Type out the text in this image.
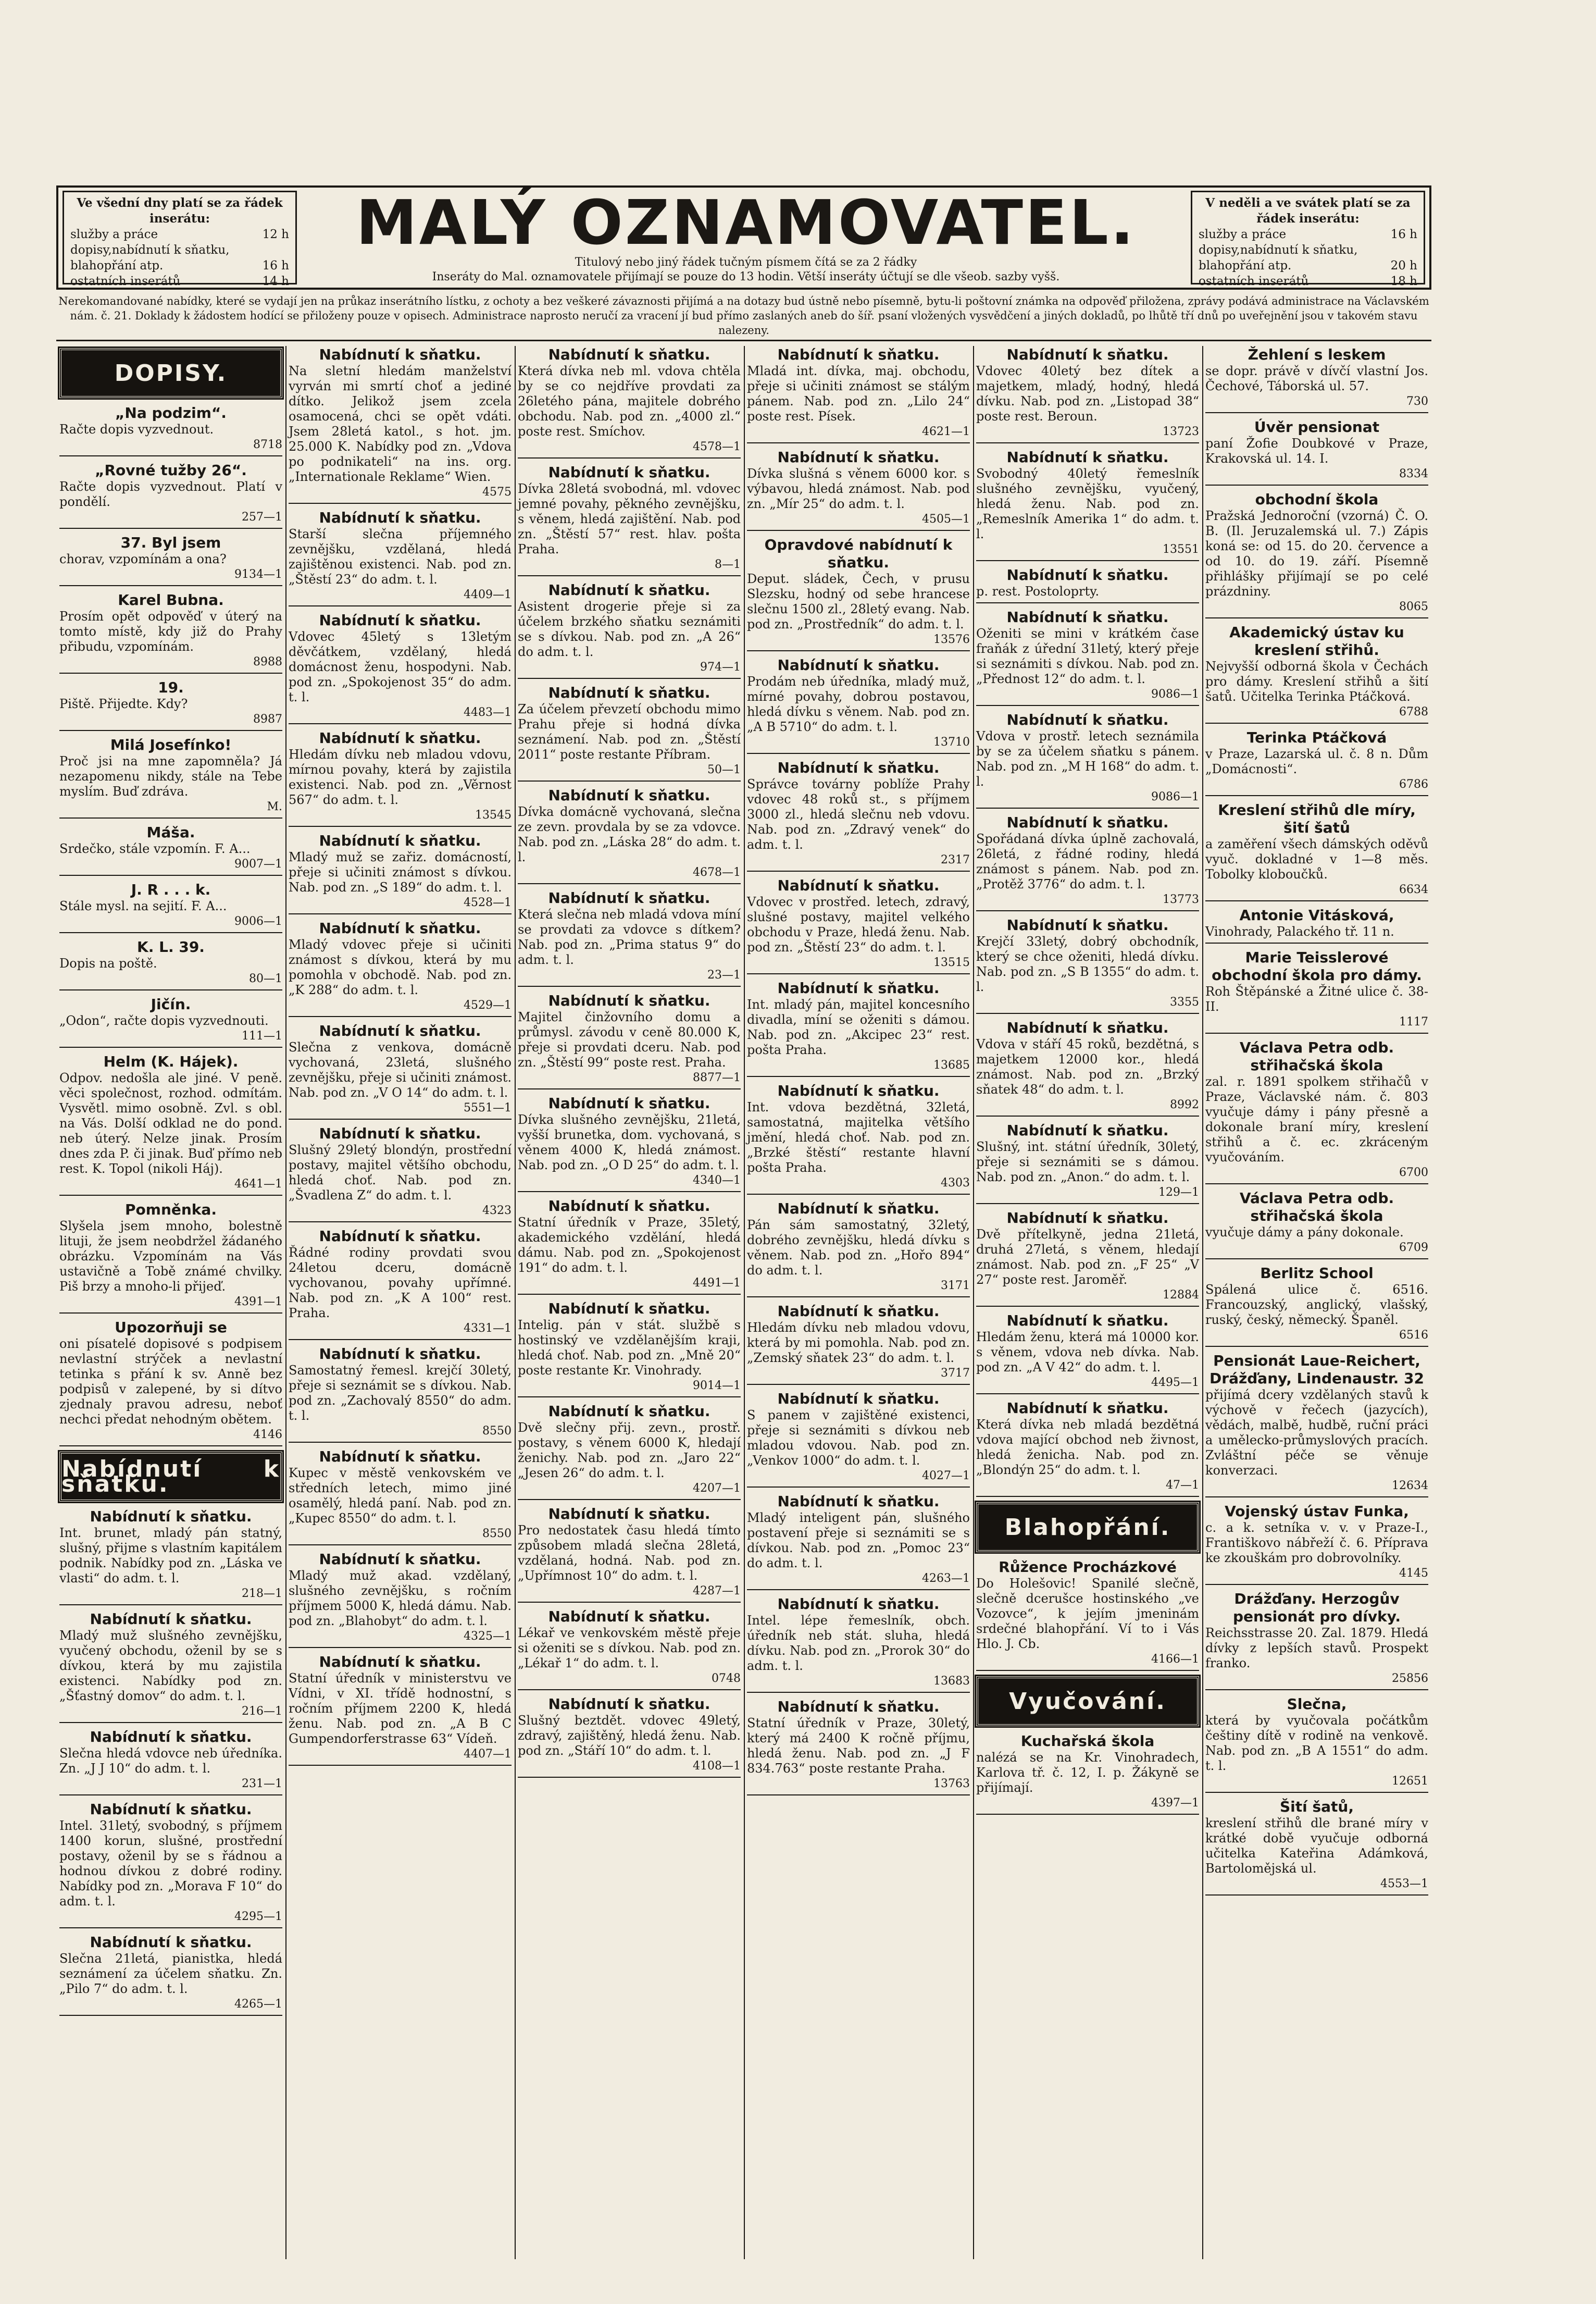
Ve všední dny platí se za řádek inserátu:
služby a práce	12 h
dopisy,nabídnutí k sňatku,
blahopřání atp.	16 h
ostatních inserátů	14 h
MALÝ OZNAMOVATEL.
Titulový nebo jiný řádek tučným písmem čítá se za 2 řádky
Inseráty do Mal. oznamovatele přijímají se pouze do 13 hodin. Větší inseráty účtují se dle všeob. sazby vyšš.
V neděli a ve svátek platí se za řádek inserátu:
služby a práce	16 h
dopisy,nabídnutí k sňatku,
blahopřání atp.	20 h
ostatních inserátů	18 h
Nerekomandované nabídky, které se vydají jen na průkaz inserátního lístku, z ochoty a bez veškeré závaznosti přijímá a na dotazy bud ústně nebo písemně, bytu-li poštovní známka na odpověď přiložena, zprávy podává administrace na Václavském nám. č. 21. Doklady k žádostem hodící se přiloženy pouze v opisech. Administrace naprosto neručí za vracení jí bud přímo zaslaných aneb do šíř. psaní vložených vysvědčení a jiných dokladů, po lhůtě tří dnů po uveřejnění jsou v takovém stavu nalezeny.
DOPISY.
„Na podzim“.
Račte dopis vyzvednout.
8718
„Rovné tužby 26“.
Račte dopis vyzvednout. Platí v pondělí.
257—1
37. Byl jsem
chorav, vzpomínám a ona?
9134—1
Karel Bubna.
Prosím opět odpověď v úterý na tomto místě, kdy již do Prahy přibudu, vzpomínám.
8988
19.
Piště. Přijedte. Kdy?
8987
Milá Josefínko!
Proč jsi na mne zapomněla? Já nezapomenu nikdy, stále na Tebe myslím. Buď zdráva.
M.
Máša.
Srdečko, stále vzpomín. F. A...
9007—1
J. R . . . k.
Stále mysl. na sejití. F. A...
9006—1
K. L. 39.
Dopis na poště.
80—1
Jičín.
„Odon“, račte dopis vyzvednouti.
111—1
Helm (K. Hájek).
Odpov. nedošla ale jiné. V peně. věci společnost, rozhod. odmítám. Vysvětl. mimo osobně. Zvl. s obl. na Vás. Dolší odklad ne do pond. neb úterý. Nelze jinak. Prosím dnes zda P. či jinak. Buď přímo neb rest. K. Topol (nikoli Háj).
4641—1
Pomněnka.
Slyšela jsem mnoho, bolestně lituji, že jsem neobdržel žádaného obrázku. Vzpomínám na Vás ustavičně a Tobě známé chvilky. Piš brzy a mnoho-li přijeď.
4391—1
Upozorňuji se
oni písatelé dopisové s podpisem nevlastní strýček a nevlastní tetinka s přání k sv. Anně bez podpisů v zalepené, by si dítvo zjednaly pravou adresu, neboť nechci předat nehodným obětem.
4146
Nabídnutí k sňatku.
Nabídnutí k sňatku.
Int. brunet, mladý pán statný, slušný, přijme s vlastním kapitálem podnik. Nabídky pod zn. „Láska ve vlasti“ do adm. t. l.
218—1
Nabídnutí k sňatku.
Mladý muž slušného zevnějšku, vyučený obchodu, oženil by se s dívkou, která by mu zajistila existenci. Nabídky pod zn. „Šťastný domov“ do adm. t. l.
216—1
Nabídnutí k sňatku.
Slečna hledá vdovce neb úředníka. Zn. „J J 10“ do adm. t. l.
231—1
Nabídnutí k sňatku.
Intel. 31letý, svobodný, s příjmem 1400 korun, slušné, prostřední postavy, oženil by se s řádnou a hodnou dívkou z dobré rodiny. Nabídky pod zn. „Morava F 10“ do adm. t. l.
4295—1
Nabídnutí k sňatku.
Slečna 21letá, pianistka, hledá seznámení za účelem sňatku. Zn. „Pilo 7“ do adm. t. l.
4265—1
Nabídnutí k sňatku.
Na sletní hledám manželství vyrván mi smrtí choť a jediné dítko. Jelikož jsem zcela osamocená, chci se opět vdáti. Jsem 28letá katol., s hot. jm. 25.000 K. Nabídky pod zn. „Vdova po podnikateli“ na ins. org. „Internationale Reklame“ Wien.
4575
Nabídnutí k sňatku.
Starší slečna příjemného zevnějšku, vzdělaná, hledá zajištěnou existenci. Nab. pod zn. „Štěstí 23“ do adm. t. l.
4409—1
Nabídnutí k sňatku.
Vdovec 45letý s 13letým děvčátkem, vzdělaný, hledá domácnost ženu, hospodyni. Nab. pod zn. „Spokojenost 35“ do adm. t. l.
4483—1
Nabídnutí k sňatku.
Hledám dívku neb mladou vdovu, mírnou povahy, která by zajistila existenci. Nab. pod zn. „Věrnost 567“ do adm. t. l.
13545
Nabídnutí k sňatku.
Mladý muž se zařiz. domácností, přeje si učiniti známost s dívkou. Nab. pod zn. „S 189“ do adm. t. l.
4528—1
Nabídnutí k sňatku.
Mladý vdovec přeje si učiniti známost s dívkou, která by mu pomohla v obchodě. Nab. pod zn. „K 288“ do adm. t. l.
4529—1
Nabídnutí k sňatku.
Slečna z venkova, domácně vychovaná, 23letá, slušného zevnějšku, přeje si učiniti známost. Nab. pod zn. „V O 14“ do adm. t. l.
5551—1
Nabídnutí k sňatku.
Slušný 29letý blondýn, prostřední postavy, majitel většího obchodu, hledá choť. Nab. pod zn. „Švadlena Z“ do adm. t. l.
4323
Nabídnutí k sňatku.
Řádné rodiny provdati svou 24letou dceru, domácně vychovanou, povahy upřímné. Nab. pod zn. „K A 100“ rest. Praha.
4331—1
Nabídnutí k sňatku.
Samostatný řemesl. krejčí 30letý, přeje si seznámit se s dívkou. Nab. pod zn. „Zachovalý 8550“ do adm. t. l.
8550
Nabídnutí k sňatku.
Kupec v městě venkovském ve středních letech, mimo jiné osamělý, hledá paní. Nab. pod zn. „Kupec 8550“ do adm. t. l.
8550
Nabídnutí k sňatku.
Mladý muž akad. vzdělaný, slušného zevnějšku, s ročním příjmem 5000 K, hledá dámu. Nab. pod zn. „Blahobyt“ do adm. t. l.
4325—1
Nabídnutí k sňatku.
Statní úředník v ministerstvu ve Vídni, v XI. třídě hodnostní, s ročním příjmem 2200 K, hledá ženu. Nab. pod zn. „A B C Gumpendorferstrasse 63“ Vídeň.
4407—1
Nabídnutí k sňatku.
Která dívka neb ml. vdova chtěla by se co nejdříve provdati za 26letého pána, majitele dobrého obchodu. Nab. pod zn. „4000 zl.“ poste rest. Smíchov.
4578—1
Nabídnutí k sňatku.
Dívka 28letá svobodná, ml. vdovec jemné povahy, pěkného zevnějšku, s věnem, hledá zajištění. Nab. pod zn. „Štěstí 57“ rest. hlav. pošta Praha.
8—1
Nabídnutí k sňatku.
Asistent drogerie přeje si za účelem brzkého sňatku seznámiti se s dívkou. Nab. pod zn. „A 26“ do adm. t. l.
974—1
Nabídnutí k sňatku.
Za účelem převzetí obchodu mimo Prahu přeje si hodná dívka seznámení. Nab. pod zn. „Štěstí 2011“ poste restante Příbram.
50—1
Nabídnutí k sňatku.
Dívka domácně vychovaná, slečna ze zevn. provdala by se za vdovce. Nab. pod zn. „Láska 28“ do adm. t. l.
4678—1
Nabídnutí k sňatku.
Která slečna neb mladá vdova míní se provdati za vdovce s dítkem? Nab. pod zn. „Prima status 9“ do adm. t. l.
23—1
Nabídnutí k sňatku.
Majitel činžovního domu a průmysl. závodu v ceně 80.000 K, přeje si provdati dceru. Nab. pod zn. „Štěstí 99“ poste rest. Praha.
8877—1
Nabídnutí k sňatku.
Dívka slušného zevnějšku, 21letá, vyšší brunetka, dom. vychovaná, s věnem 4000 K, hledá známost. Nab. pod zn. „O D 25“ do adm. t. l.
4340—1
Nabídnutí k sňatku.
Statní úředník v Praze, 35letý, akademického vzdělání, hledá dámu. Nab. pod zn. „Spokojenost 191“ do adm. t. l.
4491—1
Nabídnutí k sňatku.
Intelig. pán v stát. službě s hostinský ve vzdělanějším kraji, hledá choť. Nab. pod zn. „Mně 20“ poste restante Kr. Vinohrady.
9014—1
Nabídnutí k sňatku.
Dvě slečny přij. zevn., prostř. postavy, s věnem 6000 K, hledají ženichy. Nab. pod zn. „Jaro 22“ „Jesen 26“ do adm. t. l.
4207—1
Nabídnutí k sňatku.
Pro nedostatek času hledá tímto způsobem mladá slečna 28letá, vzdělaná, hodná. Nab. pod zn. „Upřímnost 10“ do adm. t. l.
4287—1
Nabídnutí k sňatku.
Lékař ve venkovském městě přeje si oženiti se s dívkou. Nab. pod zn. „Lékař 1“ do adm. t. l.
0748
Nabídnutí k sňatku.
Slušný beztdět. vdovec 49letý, zdravý, zajištěný, hledá ženu. Nab. pod zn. „Stáří 10“ do adm. t. l.
4108—1
Nabídnutí k sňatku.
Mladá int. dívka, maj. obchodu, přeje si učiniti známost se stálým pánem. Nab. pod zn. „Lilo 24“ poste rest. Písek.
4621—1
Nabídnutí k sňatku.
Dívka slušná s věnem 6000 kor. s výbavou, hledá známost. Nab. pod zn. „Mír 25“ do adm. t. l.
4505—1
Opravdové nabídnutí k sňatku.
Deput. sládek, Čech, v prusu Slezsku, hodný od sebe hrancese slečnu 1500 zl., 28letý evang. Nab. pod zn. „Prostředník“ do adm. t. l.
13576
Nabídnutí k sňatku.
Prodám neb úředníka, mladý muž, mírné povahy, dobrou postavou, hledá dívku s věnem. Nab. pod zn. „A B 5710“ do adm. t. l.
13710
Nabídnutí k sňatku.
Správce továrny poblíže Prahy vdovec 48 roků st., s příjmem 3000 zl., hledá slečnu neb vdovu. Nab. pod zn. „Zdravý venek“ do adm. t. l.
2317
Nabídnutí k sňatku.
Vdovec v prostřed. letech, zdravý, slušné postavy, majitel velkého obchodu v Praze, hledá ženu. Nab. pod zn. „Štěstí 23“ do adm. t. l.
13515
Nabídnutí k sňatku.
Int. mladý pán, majitel koncesního divadla, míní se oženiti s dámou. Nab. pod zn. „Akcipec 23“ rest. pošta Praha.
13685
Nabídnutí k sňatku.
Int. vdova bezdětná, 32letá, samostatná, majitelka většího jmění, hledá choť. Nab. pod zn. „Brzké štěstí“ restante hlavní pošta Praha.
4303
Nabídnutí k sňatku.
Pán sám samostatný, 32letý, dobrého zevnějšku, hledá dívku s věnem. Nab. pod zn. „Hořo 894“ do adm. t. l.
3171
Nabídnutí k sňatku.
Hledám dívku neb mladou vdovu, která by mi pomohla. Nab. pod zn. „Zemský sňatek 23“ do adm. t. l.
3717
Nabídnutí k sňatku.
S panem v zajištěné existenci, přeje si seznámiti s dívkou neb mladou vdovou. Nab. pod zn. „Venkov 1000“ do adm. t. l.
4027—1
Nabídnutí k sňatku.
Mladý inteligent pán, slušného postavení přeje si seznámiti se s dívkou. Nab. pod zn. „Pomoc 23“ do adm. t. l.
4263—1
Nabídnutí k sňatku.
Intel. lépe řemeslník, obch. úředník neb stát. sluha, hledá dívku. Nab. pod zn. „Prorok 30“ do adm. t. l.
13683
Nabídnutí k sňatku.
Statní úředník v Praze, 30letý, který má 2400 K ročně příjmu, hledá ženu. Nab. pod zn. „J F 834.763“ poste restante Praha.
13763
Nabídnutí k sňatku.
Vdovec 40letý bez dítek a majetkem, mladý, hodný, hledá dívku. Nab. pod zn. „Listopad 38“ poste rest. Beroun.
13723
Nabídnutí k sňatku.
Svobodný 40letý řemeslník slušného zevnějšku, vyučený, hledá ženu. Nab. pod zn. „Remeslník Amerika 1“ do adm. t. l.
13551
Nabídnutí k sňatku.
p. rest. Postoloprty.
Nabídnutí k sňatku.
Oženiti se mini v krátkém čase fraňák z úřední 31letý, který přeje si seznámiti s dívkou. Nab. pod zn. „Přednost 12“ do adm. t. l.
9086—1
Nabídnutí k sňatku.
Vdova v prostř. letech seznámila by se za účelem sňatku s pánem. Nab. pod zn. „M H 168“ do adm. t. l.
9086—1
Nabídnutí k sňatku.
Spořádaná dívka úplně zachovalá, 26letá, z řádné rodiny, hledá známost s pánem. Nab. pod zn. „Protěž 3776“ do adm. t. l.
13773
Nabídnutí k sňatku.
Krejčí 33letý, dobrý obchodník, který se chce oženiti, hledá dívku. Nab. pod zn. „S B 1355“ do adm. t. l.
3355
Nabídnutí k sňatku.
Vdova v stáří 45 roků, bezdětná, s majetkem 12000 kor., hledá známost. Nab. pod zn. „Brzký sňatek 48“ do adm. t. l.
8992
Nabídnutí k sňatku.
Slušný, int. státní úředník, 30letý, přeje si seznámiti se s dámou. Nab. pod zn. „Anon.“ do adm. t. l.
129—1
Nabídnutí k sňatku.
Dvě přítelkyně, jedna 21letá, druhá 27letá, s věnem, hledají známost. Nab. pod zn. „F 25“ „V 27“ poste rest. Jaroměř.
12884
Nabídnutí k sňatku.
Hledám ženu, která má 10000 kor. s věnem, vdova neb dívka. Nab. pod zn. „A V 42“ do adm. t. l.
4495—1
Nabídnutí k sňatku.
Která dívka neb mladá bezdětná vdova mající obchod neb živnost, hledá ženicha. Nab. pod zn. „Blondýn 25“ do adm. t. l.
47—1
Blahopřání.
Růžence Procházkové
Do Holešovic! Spanilé slečně, slečně dcerušce hostinského „ve Vozovce“, k jejím jmeninám srdečné blahopřání. Ví to i Vás Hlo. J. Cb.
4166—1
Vyučování.
Kuchařská škola
nalézá se na Kr. Vinohradech, Karlova tř. č. 12, I. p. Žákyně se přijímají.
4397—1
Žehlení s leskem
se dopr. právě v dívčí vlastní Jos. Čechové, Táborská ul. 57.
730
Úvěr pensionat
paní Žofie Doubkové v Praze, Krakovská ul. 14. I.
8334
obchodní škola
Pražská Jednoroční (vzorná) Č. O. B. (Il. Jeruzalemská ul. 7.) Zápis koná se: od 15. do 20. července a od 10. do 19. září. Písemně přihlášky přijímají se po celé prázdniny.
8065
Akademický ústav ku kreslení střihů.
Nejvyšší odborná škola v Čechách pro dámy. Kreslení střihů a šití šatů. Učitelka Terinka Ptáčková.
6788
Terinka Ptáčková
v Praze, Lazarská ul. č. 8 n. Dům „Domácnosti“.
6786
Kreslení střihů dle míry, šití šatů
a zaměření všech dámských oděvů vyuč. dokladné v 1—8 měs. Tobolky kloboučků.
6634
Antonie Vitásková,
Vinohrady, Palackého tř. 11 n.
Marie Teisslerové obchodní škola pro dámy.
Roh Štěpánské a Žitné ulice č. 38-II.
1117
Václava Petra odb. střihačská škola
zal. r. 1891 spolkem střihačů v Praze, Václavské nám. č. 803 vyučuje dámy i pány přesně a dokonale braní míry, kreslení střihů a č. ec. zkráceným vyučováním.
6700
Václava Petra odb. střihačská škola
vyučuje dámy a pány dokonale.
6709
Berlitz School
Spálená ulice č. 6516. Francouzský, anglický, vlašský, ruský, český, německý. Španěl.
6516
Pensionát Laue-Reichert, Drážďany, Lindenaustr. 32
přijímá dcery vzdělaných stavů k výchově v řečech (jazycích), vědách, malbě, hudbě, ruční práci a umělecko-průmyslových pracích. Zvláštní péče se věnuje konverzaci.
12634
Vojenský ústav Funka,
c. a k. setníka v. v. v Praze-I., Františkovo nábřeží č. 6. Příprava ke zkouškám pro dobrovolníky.
4145
Drážďany. Herzogův pensionát pro dívky.
Reichsstrasse 20. Zal. 1879. Hledá dívky z lepších stavů. Prospekt franko.
25856
Slečna,
která by vyučovala počátkům češtiny dítě v rodině na venkově. Nab. pod zn. „B A 1551“ do adm. t. l.
12651
Šití šatů,
kreslení střihů dle brané míry v krátké době vyučuje odborná učitelka Kateřina Adámková, Bartolomějská ul.
4553—1
